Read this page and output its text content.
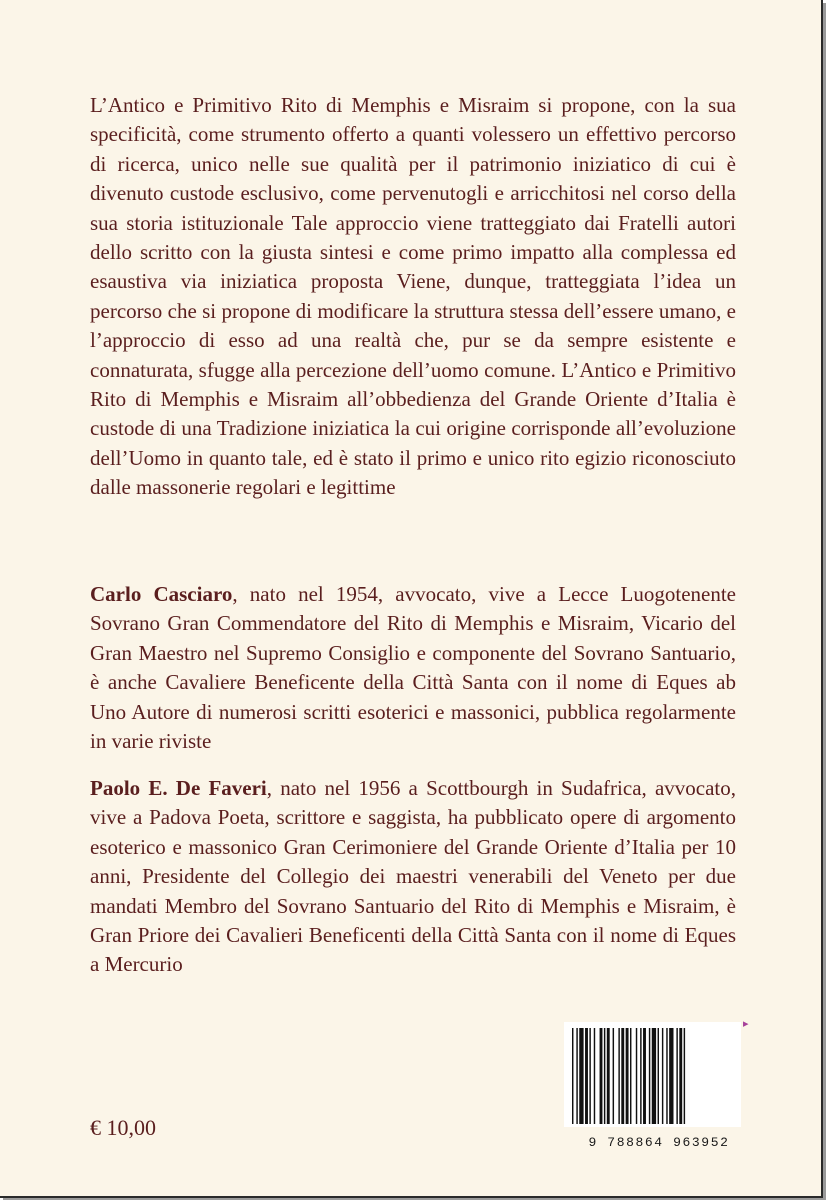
L’Antico e Primitivo Rito di Memphis e Misraim si propone, con la sua specificità, come strumento offerto a quanti volessero un effettivo percorso di ricerca, unico nelle sue qualità per il patrimonio iniziatico di cui è divenuto custode esclusivo, come pervenutogli e arricchitosi nel corso della sua storia istituzionale Tale approccio viene tratteggiato dai Fratelli autori dello scritto con la giusta sintesi e come primo impatto alla complessa ed esaustiva via iniziatica proposta Viene, dunque, tratteggiata l’idea un percorso che si propone di modificare la struttura stessa dell’essere umano, e l’approccio di esso ad una realtà che, pur se da sempre esistente e connaturata, sfugge alla percezione dell’uomo comune. L’Antico e Primitivo Rito di Memphis e Misraim all’obbedienza del Grande Oriente d’Italia è custode di una Tradizione iniziatica la cui origine corrisponde all’evoluzione dell’Uomo in quanto tale, ed è stato il primo e unico rito egizio riconosciuto dalle massonerie regolari e legittime

Carlo Casciaro, nato nel 1954, avvocato, vive a Lecce Luogotenente Sovrano Gran Commendatore del Rito di Memphis e Misraim, Vicario del Gran Maestro nel Supremo Consiglio e componente del Sovrano Santuario, è anche Cavaliere Beneficente della Città Santa con il nome di Eques ab Uno Autore di numerosi scritti esoterici e massonici, pubblica regolarmente in varie riviste

Paolo E. De Faveri, nato nel 1956 a Scottbourgh in Sudafrica, avvocato, vive a Padova Poeta, scrittore e saggista, ha pubblicato opere di argomento esoterico e massonico Gran Cerimoniere del Grande Oriente d’Italia per 10 anni, Presidente del Collegio dei maestri venerabili del Veneto per due mandati Membro del Sovrano Santuario del Rito di Memphis e Misraim, è Gran Priore dei Cavalieri Beneficenti della Città Santa con il nome di Eques a Mercurio

€ 10,00
▸
9 788864 963952
